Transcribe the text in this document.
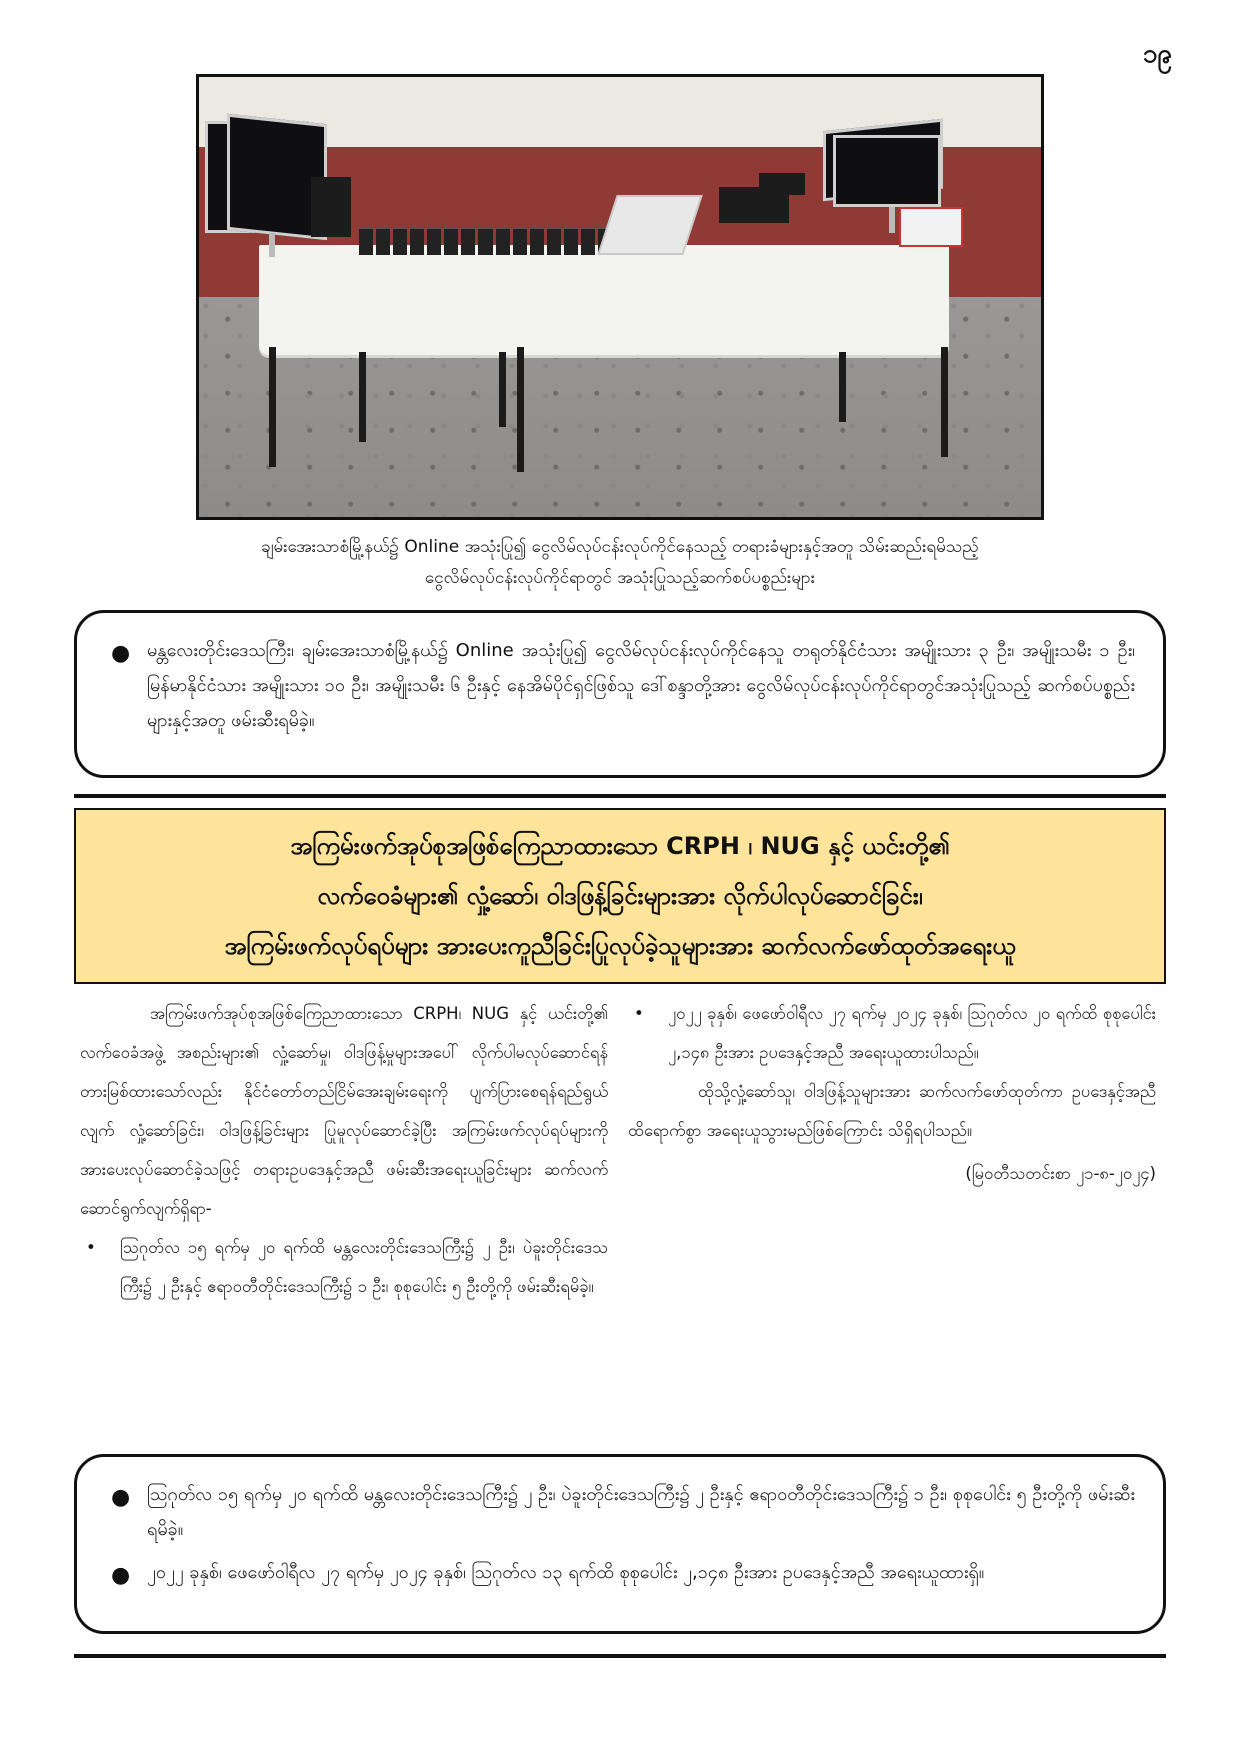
၁၉
ချမ်းအေးသာစံမြို့နယ်၌ Online အသုံးပြု၍ ငွေလိမ်လုပ်ငန်းလုပ်ကိုင်နေသည့် တရားခံများနှင့်အတူ သိမ်းဆည်းရမိသည့်
ငွေလိမ်လုပ်ငန်းလုပ်ကိုင်ရာတွင် အသုံးပြုသည့်ဆက်စပ်ပစ္စည်းများ
● မန္တလေးတိုင်းဒေသကြီး၊ ချမ်းအေးသာစံမြို့နယ်၌ Online အသုံးပြု၍ ငွေလိမ်လုပ်ငန်းလုပ်ကိုင်နေသူ တရုတ်နိုင်ငံသား အမျိုးသား ၃ ဦး၊ အမျိုးသမီး ၁ ဦး၊ မြန်မာနိုင်ငံသား အမျိုးသား ၁၀ ဦး၊ အမျိုးသမီး ၆ ဦးနှင့် နေအိမ်ပိုင်ရှင်ဖြစ်သူ ဒေါ်စန္ဒာတို့အား ငွေလိမ်လုပ်ငန်းလုပ်ကိုင်ရာတွင်အသုံးပြုသည့် ဆက်စပ်ပစ္စည်းများနှင့်အတူ ဖမ်းဆီးရမိခဲ့။
အကြမ်းဖက်အုပ်စုအဖြစ်ကြေညာထားသော CRPH ၊ NUG နှင့် ယင်းတို့၏
လက်ဝေခံများ၏ လှုံ့ဆော်၊ ဝါဒဖြန့်ခြင်းများအား လိုက်ပါလုပ်ဆောင်ခြင်း၊
အကြမ်းဖက်လုပ်ရပ်များ အားပေးကူညီခြင်းပြုလုပ်ခဲ့သူများအား ဆက်လက်ဖော်ထုတ်အရေးယူ

အကြမ်းဖက်အုပ်စုအဖြစ်ကြေညာထားသော CRPH၊ NUG နှင့် ယင်းတို့၏ လက်ဝေခံအဖွဲ့ အစည်းများ၏ လှုံ့ဆော်မှု၊ ဝါဒဖြန့်မှုများအပေါ် လိုက်ပါမလုပ်ဆောင်ရန် တားမြစ်ထားသော်လည်း နိုင်ငံတော်တည်ငြိမ်အေးချမ်းရေးကို ပျက်ပြားစေရန်ရည်ရွယ်လျက် လှုံ့ဆော်ခြင်း၊ ဝါဒဖြန့်ခြင်းများ ပြုမူလုပ်ဆောင်ခဲ့ပြီး အကြမ်းဖက်လုပ်ရပ်များကို အားပေးလုပ်ဆောင်ခဲ့သဖြင့် တရားဥပဒေနှင့်အညီ ဖမ်းဆီးအရေးယူခြင်းများ ဆက်လက်ဆောင်ရွက်လျက်ရှိရာ-

• သြဂုတ်လ ၁၅ ရက်မှ ၂၀ ရက်ထိ မန္တလေးတိုင်းဒေသကြီး၌ ၂ ဦး၊ ပဲခူးတိုင်းဒေသကြီး၌ ၂ ဦးနှင့် ဧရာဝတီတိုင်းဒေသကြီး၌ ၁ ဦး၊ စုစုပေါင်း ၅ ဦးတို့ကို ဖမ်းဆီးရမိခဲ့။
• ၂၀၂၂ ခုနှစ်၊ ဖေဖော်ဝါရီလ ၂၇ ရက်မှ ၂၀၂၄ ခုနှစ်၊ သြဂုတ်လ ၂၀ ရက်ထိ စုစုပေါင်း ၂,၁၄၈ ဦးအား ဥပဒေနှင့်အညီ အရေးယူထားပါသည်။

ထိုသို့လှုံ့ဆော်သူ၊ ဝါဒဖြန့်သူများအား ဆက်လက်ဖော်ထုတ်ကာ ဥပဒေနှင့်အညီ ထိရောက်စွာ အရေးယူသွားမည်ဖြစ်ကြောင်း သိရှိရပါသည်။

(မြဝတီသတင်းစာ ၂၁-၈-၂၀၂၄)

● သြဂုတ်လ ၁၅ ရက်မှ ၂၀ ရက်ထိ မန္တလေးတိုင်းဒေသကြီး၌ ၂ ဦး၊ ပဲခူးတိုင်းဒေသကြီး၌ ၂ ဦးနှင့် ဧရာဝတီတိုင်းဒေသကြီး၌ ၁ ဦး၊ စုစုပေါင်း ၅ ဦးတို့ကို ဖမ်းဆီးရမိခဲ့။
● ၂၀၂၂ ခုနှစ်၊ ဖေဖော်ဝါရီလ ၂၇ ရက်မှ ၂၀၂၄ ခုနှစ်၊ သြဂုတ်လ ၁၃ ရက်ထိ စုစုပေါင်း ၂,၁၄၈ ဦးအား ဥပဒေနှင့်အညီ အရေးယူထားရှိ။
